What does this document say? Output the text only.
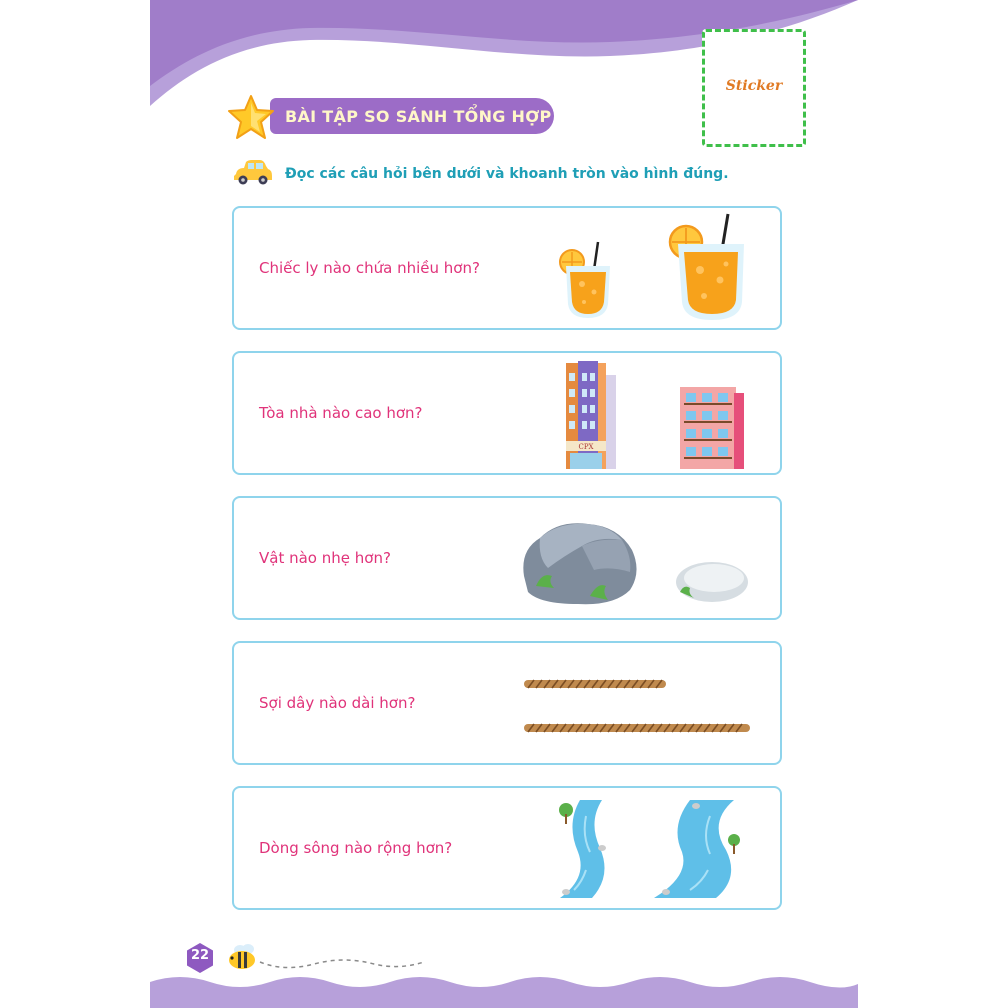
Sticker
BÀI TẬP SO SÁNH TỔNG HỢP
Đọc các câu hỏi bên dưới và khoanh tròn vào hình đúng.
Chiếc ly nào chứa nhiều hơn?
Tòa nhà nào cao hơn?
CPX
Vật nào nhẹ hơn?
Sợi dây nào dài hơn?
Dòng sông nào rộng hơn?
22
